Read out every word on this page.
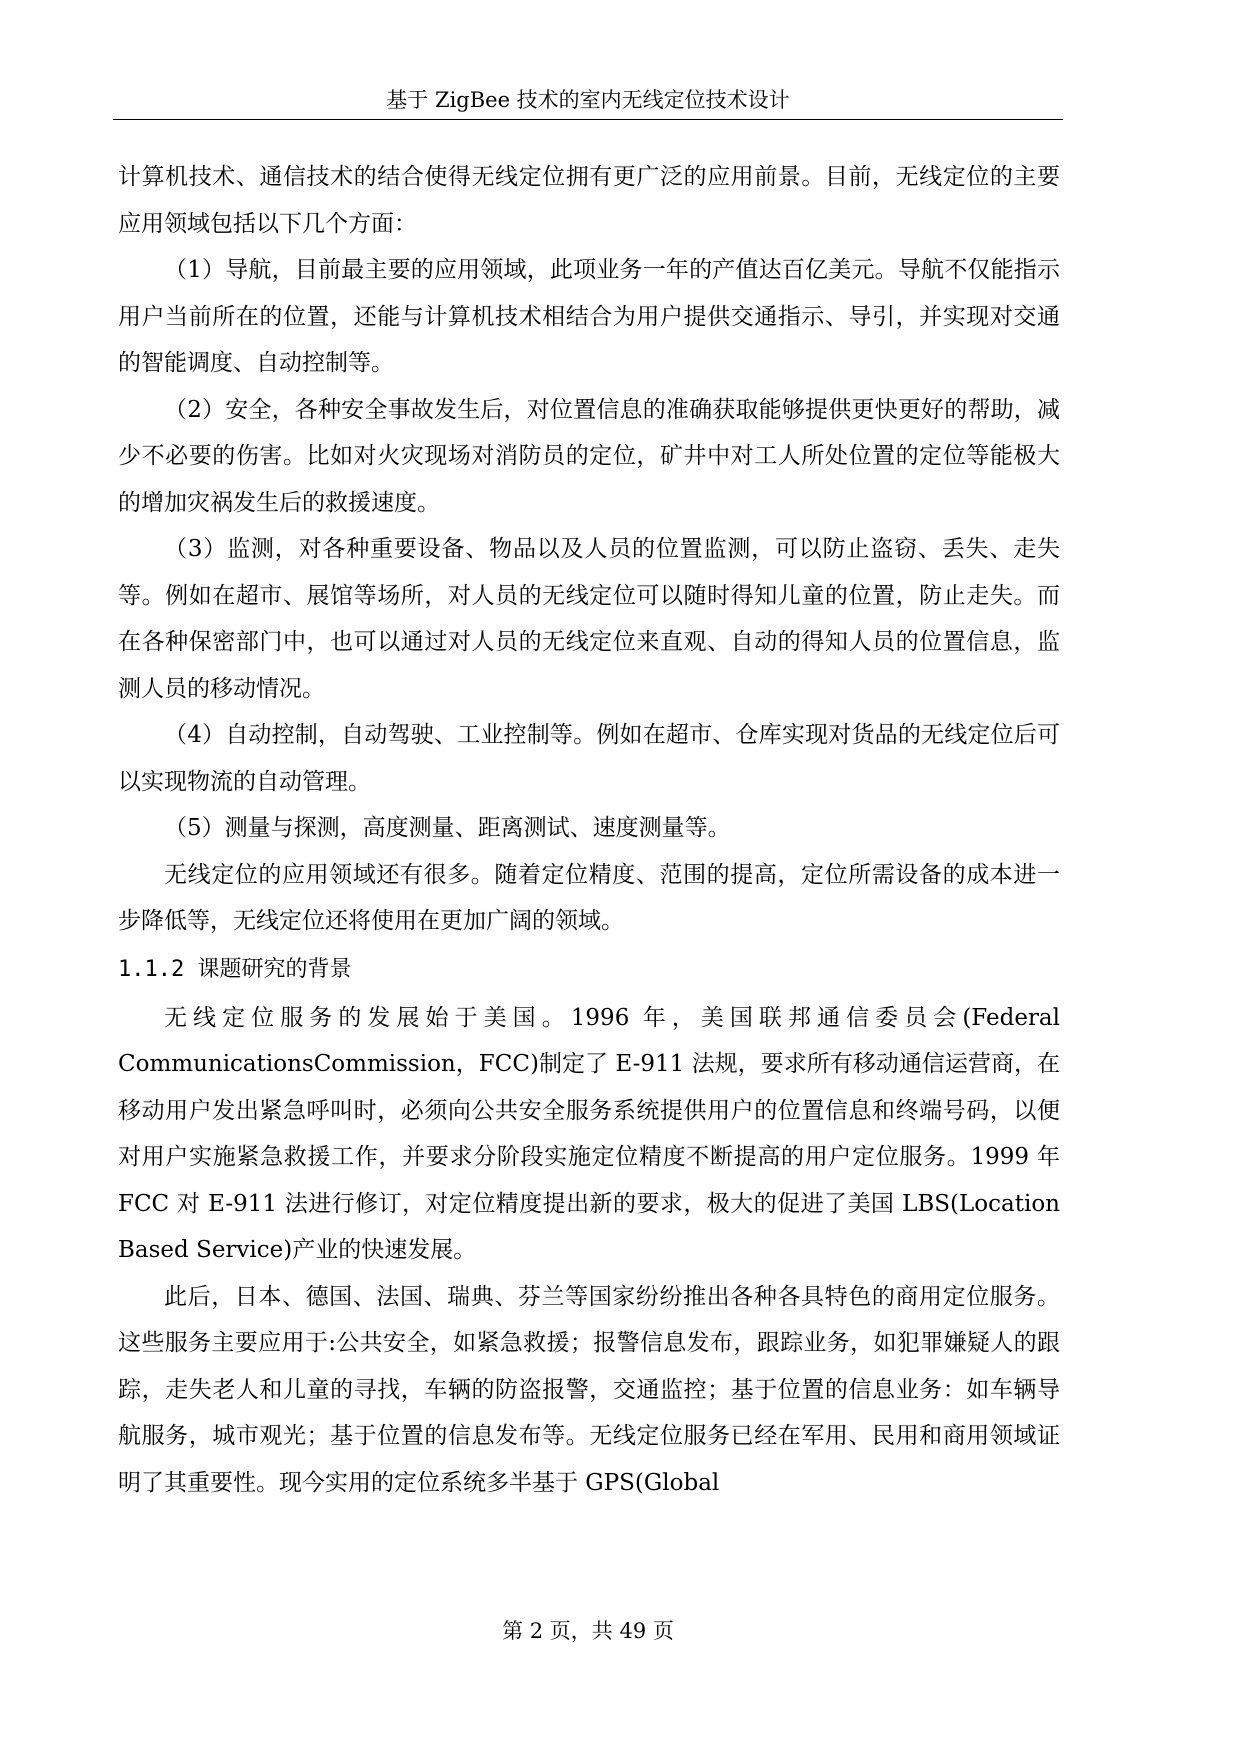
基于 ZigBee 技术的室内无线定位技术设计

计算机技术、通信技术的结合使得无线定位拥有更广泛的应用前景。目前，无线定位的主要应用领域包括以下几个方面：

（1）导航，目前最主要的应用领域，此项业务一年的产值达百亿美元。导航不仅能指示用户当前所在的位置，还能与计算机技术相结合为用户提供交通指示、导引，并实现对交通的智能调度、自动控制等。

（2）安全，各种安全事故发生后，对位置信息的准确获取能够提供更快更好的帮助，减少不必要的伤害。比如对火灾现场对消防员的定位，矿井中对工人所处位置的定位等能极大的增加灾祸发生后的救援速度。

（3）监测，对各种重要设备、物品以及人员的位置监测，可以防止盗窃、丢失、走失等。例如在超市、展馆等场所，对人员的无线定位可以随时得知儿童的位置，防止走失。而在各种保密部门中，也可以通过对人员的无线定位来直观、自动的得知人员的位置信息，监测人员的移动情况。

（4）自动控制，自动驾驶、工业控制等。例如在超市、仓库实现对货品的无线定位后可以实现物流的自动管理。

（5）测量与探测，高度测量、距离测试、速度测量等。

无线定位的应用领域还有很多。随着定位精度、范围的提高，定位所需设备的成本进一步降低等，无线定位还将使用在更加广阔的领域。

1.1.2 课题研究的背景

无线定位服务的发展始于美国。1996 年，美国联邦通信委员会(Federal CommunicationsCommission，FCC)制定了 E-911 法规，要求所有移动通信运营商，在移动用户发出紧急呼叫时，必须向公共安全服务系统提供用户的位置信息和终端号码，以便对用户实施紧急救援工作，并要求分阶段实施定位精度不断提高的用户定位服务。1999 年 FCC 对 E-911 法进行修订，对定位精度提出新的要求，极大的促进了美国 LBS(Location Based Service)产业的快速发展。

此后，日本、德国、法国、瑞典、芬兰等国家纷纷推出各种各具特色的商用定位服务。这些服务主要应用于:公共安全，如紧急救援；报警信息发布，跟踪业务，如犯罪嫌疑人的跟踪，走失老人和儿童的寻找，车辆的防盗报警，交通监控；基于位置的信息业务：如车辆导航服务，城市观光；基于位置的信息发布等。无线定位服务已经在军用、民用和商用领域证明了其重要性。现今实用的定位系统多半基于 GPS(Global

第 2 页，共 49 页
